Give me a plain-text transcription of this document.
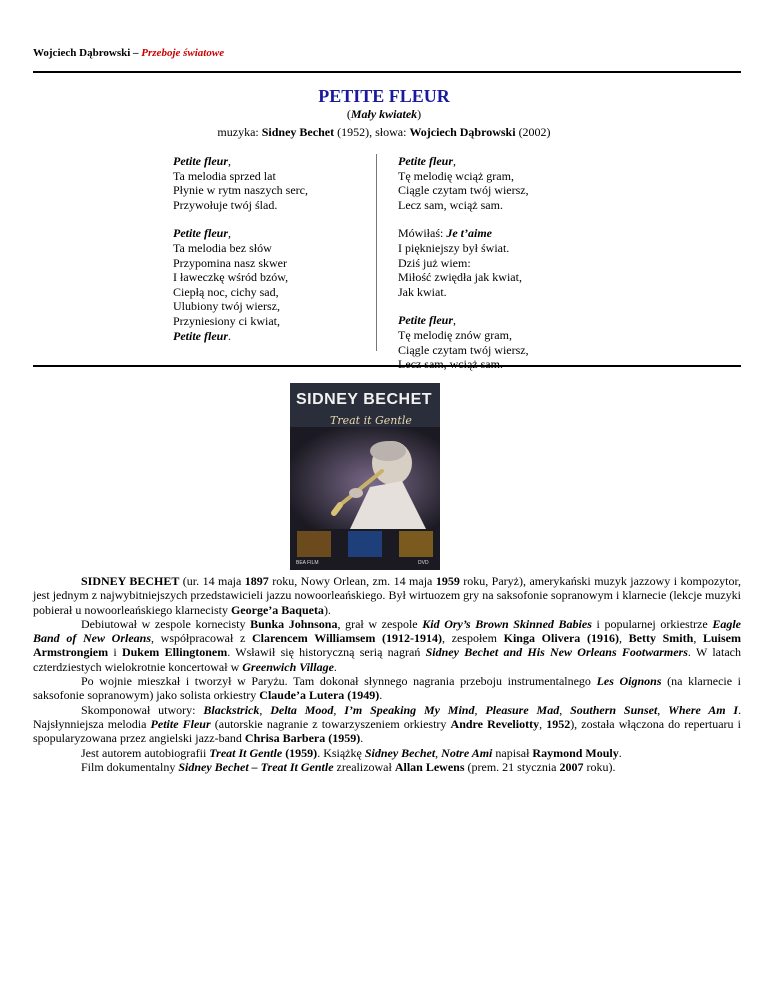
Wojciech Dąbrowski – Przeboje światowe
PETITE FLEUR
(Mały kwiatek)
muzyka: Sidney Bechet (1952), słowa: Wojciech Dąbrowski (2002)
Petite fleur,
Ta melodia sprzed lat
Płynie w rytm naszych serc,
Przywołuje twój ślad.
Petite fleur,
Ta melodia bez słów
Przypomina nasz skwer
I ławeczkę wśród bzów,
Ciepłą noc, cichy sad,
Ulubiony twój wiersz,
Przyniesiony ci kwiat,
Petite fleur.
Petite fleur,
Tę melodię wciąż gram,
Ciągle czytam twój wiersz,
Lecz sam, wciąż sam.
Mówiłaś: Je t’aime
I piękniejszy był świat.
Dziś już wiem:
Miłość zwiędła jak kwiat,
Jak kwiat.
Petite fleur,
Tę melodię znów gram,
Ciągle czytam twój wiersz,
Lecz sam, wciąż sam.
SIDNEY BECHET
Treat it Gentle
BEA FILM	DVD

SIDNEY BECHET (ur. 14 maja 1897 roku, Nowy Orlean, zm. 14 maja 1959 roku, Paryż), amerykański muzyk jazzowy i kompozytor, jest jednym z najwybitniejszych przedstawicieli jazzu nowoorleańskiego. Był wirtuozem gry na saksofonie sopranowym i klarnecie (lekcje muzyki pobierał u nowoorleańskiego klarnecisty George’a Baqueta).

Debiutował w zespole kornecisty Bunka Johnsona, grał w zespole Kid Ory’s Brown Skinned Babies i popularnej orkiestrze Eagle Band of New Orleans, współpracował z Clarencem Williamsem (1912-1914), zespołem Kinga Olivera (1916), Betty Smith, Luisem Armstrongiem i Dukem Ellingtonem. Wsławił się historyczną serią nagrań Sidney Bechet and His New Orleans Footwarmers. W latach czterdziestych wielokrotnie koncertował w Greenwich Village.

Po wojnie mieszkał i tworzył w Paryżu. Tam dokonał słynnego nagrania przeboju instrumentalnego Les Oignons (na klarnecie i saksofonie sopranowym) jako solista orkiestry Claude’a Lutera (1949).

Skomponował utwory: Blackstrick, Delta Mood, I’m Speaking My Mind, Pleasure Mad, Southern Sunset, Where Am I. Najsłynniejsza melodia Petite Fleur (autorskie nagranie z towarzyszeniem orkiestry Andre Reveliotty, 1952), została włączona do repertuaru i spopularyzowana przez angielski jazz-band Chrisa Barbera (1959).

Jest autorem autobiografii Treat It Gentle (1959). Książkę Sidney Bechet, Notre Ami napisał Raymond Mouly.

Film dokumentalny Sidney Bechet – Treat It Gentle zrealizował Allan Lewens (prem. 21 stycznia 2007 roku).
